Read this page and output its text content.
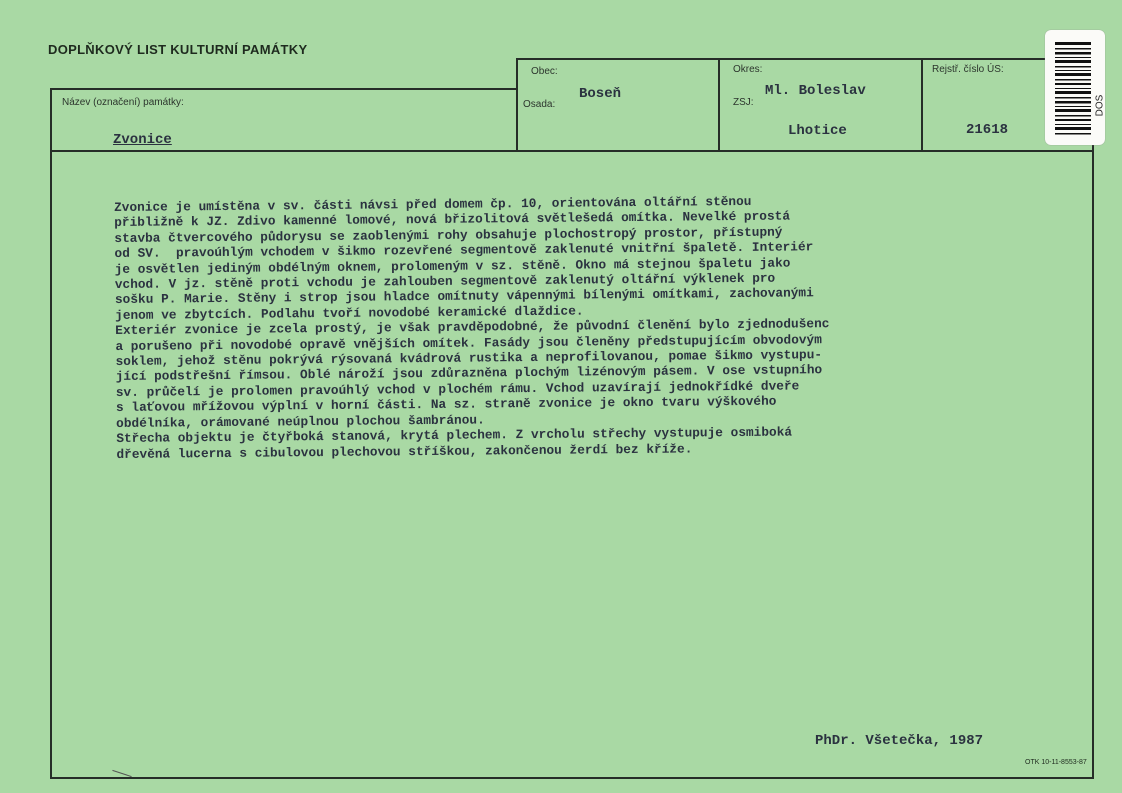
DOPLŇKOVÝ LIST KULTURNÍ PAMÁTKY
Obec:
Osada:
Okres:
ZSJ:
Rejstř. číslo ÚS:
Název (označení) památky:
Boseň	Ml. Boleslav
Lhotice	21618
Zvonice
Zvonice je umístěna v sv. části návsi před domem čp. 10, orientována oltářní stěnou
přibližně k JZ. Zdivo kamenné lomové, nová břizolitová světlešedá omítka. Nevelké prostá
stavba čtvercového půdorysu se zaoblenými rohy obsahuje plochostropý prostor, přístupný
od SV.  pravoúhlým vchodem v šikmo rozevřené segmentově zaklenuté vnitřní špaletě. Interiér
je osvětlen jediným obdélným oknem, prolomeným v sz. stěně. Okno má stejnou špaletu jako
vchod. V jz. stěně proti vchodu je zahlouben segmentově zaklenutý oltářní výklenek pro
sošku P. Marie. Stěny i strop jsou hladce omítnuty vápennými bílenými omítkami, zachovanými
jenom ve zbytcích. Podlahu tvoří novodobé keramické dlaždice.
Exteriér zvonice je zcela prostý, je však pravděpodobné, že původní členění bylo zjednodušenc
a porušeno při novodobé opravě vnějších omítek. Fasády jsou členěny předstupujícím obvodovým
soklem, jehož stěnu pokrývá rýsovaná kvádrová rustika a neprofilovanou, pomae šikmo vystupu-
jící podstřešní římsou. Oblé nároží jsou zdůrazněna plochým lizénovým pásem. V ose vstupního
sv. průčelí je prolomen pravoúhlý vchod v plochém rámu. Vchod uzavírají jednokřídké dveře
s laťovou mřížovou výplní v horní části. Na sz. straně zvonice je okno tvaru výškového
obdélníka, orámované neúplnou plochou šambránou.
Střecha objektu je čtyřboká stanová, krytá plechem. Z vrcholu střechy vystupuje osmiboká
dřevěná lucerna s cibulovou plechovou stříškou, zakončenou žerdí bez kříže.
PhDr. Všetečka, 1987
OTK 10-11-8553-87
DOS
